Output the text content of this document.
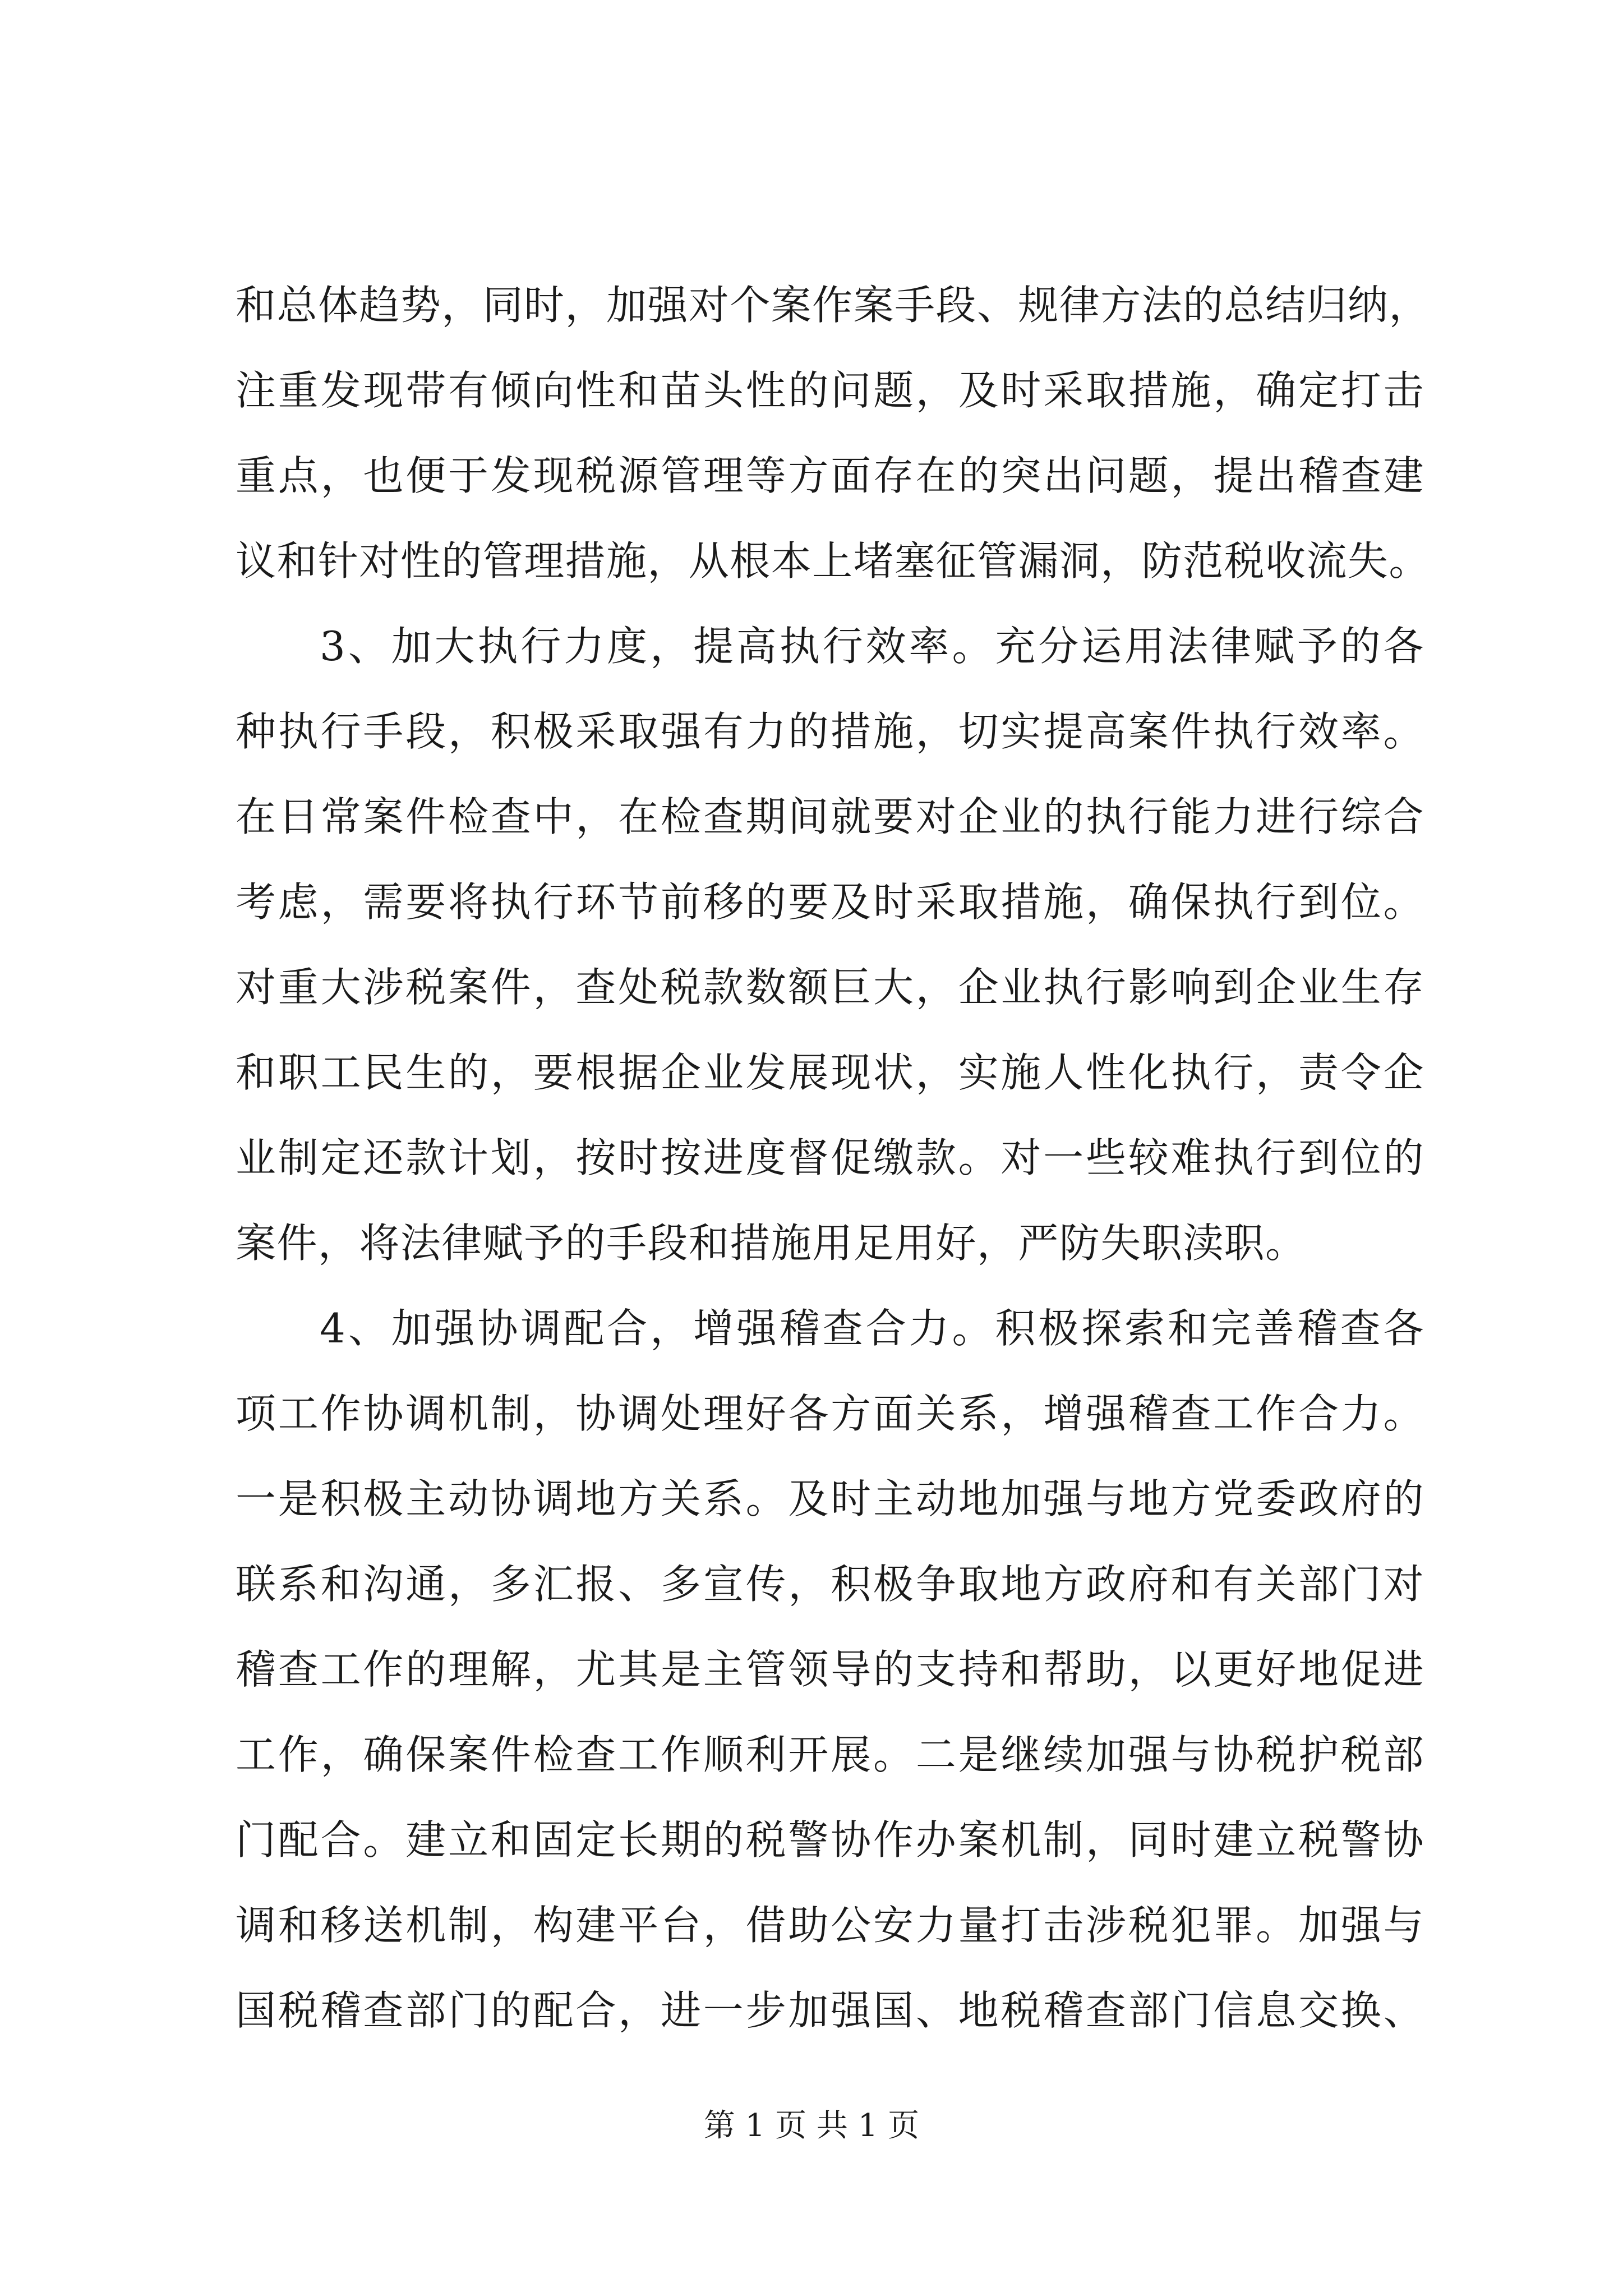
和总体趋势，同时，加强对个案作案手段、规律方法的总结归纳，
注重发现带有倾向性和苗头性的问题，及时采取措施，确定打击
重点，也便于发现税源管理等方面存在的突出问题，提出稽查建
议和针对性的管理措施，从根本上堵塞征管漏洞，防范税收流失。
3、加大执行力度，提高执行效率。充分运用法律赋予的各
种执行手段，积极采取强有力的措施，切实提高案件执行效率。
在日常案件检查中，在检查期间就要对企业的执行能力进行综合
考虑，需要将执行环节前移的要及时采取措施，确保执行到位。
对重大涉税案件，查处税款数额巨大，企业执行影响到企业生存
和职工民生的，要根据企业发展现状，实施人性化执行，责令企
业制定还款计划，按时按进度督促缴款。对一些较难执行到位的
案件，将法律赋予的手段和措施用足用好，严防失职渎职。
4、加强协调配合，增强稽查合力。积极探索和完善稽查各
项工作协调机制，协调处理好各方面关系，增强稽查工作合力。
一是积极主动协调地方关系。及时主动地加强与地方党委政府的
联系和沟通，多汇报、多宣传，积极争取地方政府和有关部门对
稽查工作的理解，尤其是主管领导的支持和帮助，以更好地促进
工作，确保案件检查工作顺利开展。二是继续加强与协税护税部
门配合。建立和固定长期的税警协作办案机制，同时建立税警协
调和移送机制，构建平台，借助公安力量打击涉税犯罪。加强与
国税稽查部门的配合，进一步加强国、地税稽查部门信息交换、
第 1 页 共 1 页
